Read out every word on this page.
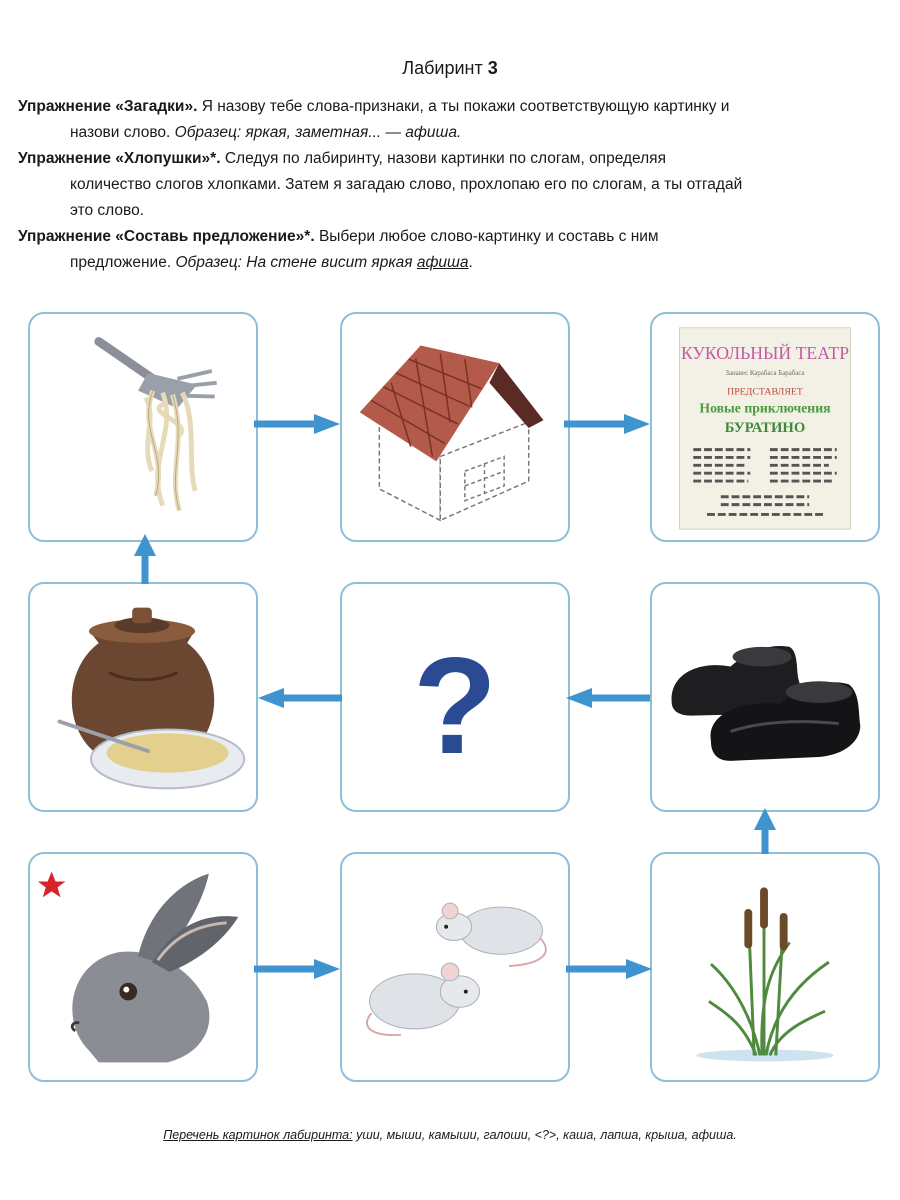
Лабиринт 3
Упражнение «Загадки». Я назову тебе слова-признаки, а ты покажи соответствующую картинку и
назови слово. Образец: яркая, заметная... — афиша.
Упражнение «Хлопушки»*. Следуя по лабиринту, назови картинки по слогам, определяя
количество слогов хлопками. Затем я загадаю слово, прохлопаю его по слогам, а ты отгадай
это слово.
Упражнение «Составь предложение»*. Выбери любое слово-картинку и составь с ним
предложение. Образец: На стене висит яркая афиша.
КУКОЛЬНЫЙ ТЕАТР
Занавес Карабаса Барабаса
ПРЕДСТАВЛЯЕТ
Новые приключения
БУРАТИНО
?
Перечень картинок лабиринта: уши, мыши, камыши, галоши, <?>, каша, лапша, крыша, афиша.
